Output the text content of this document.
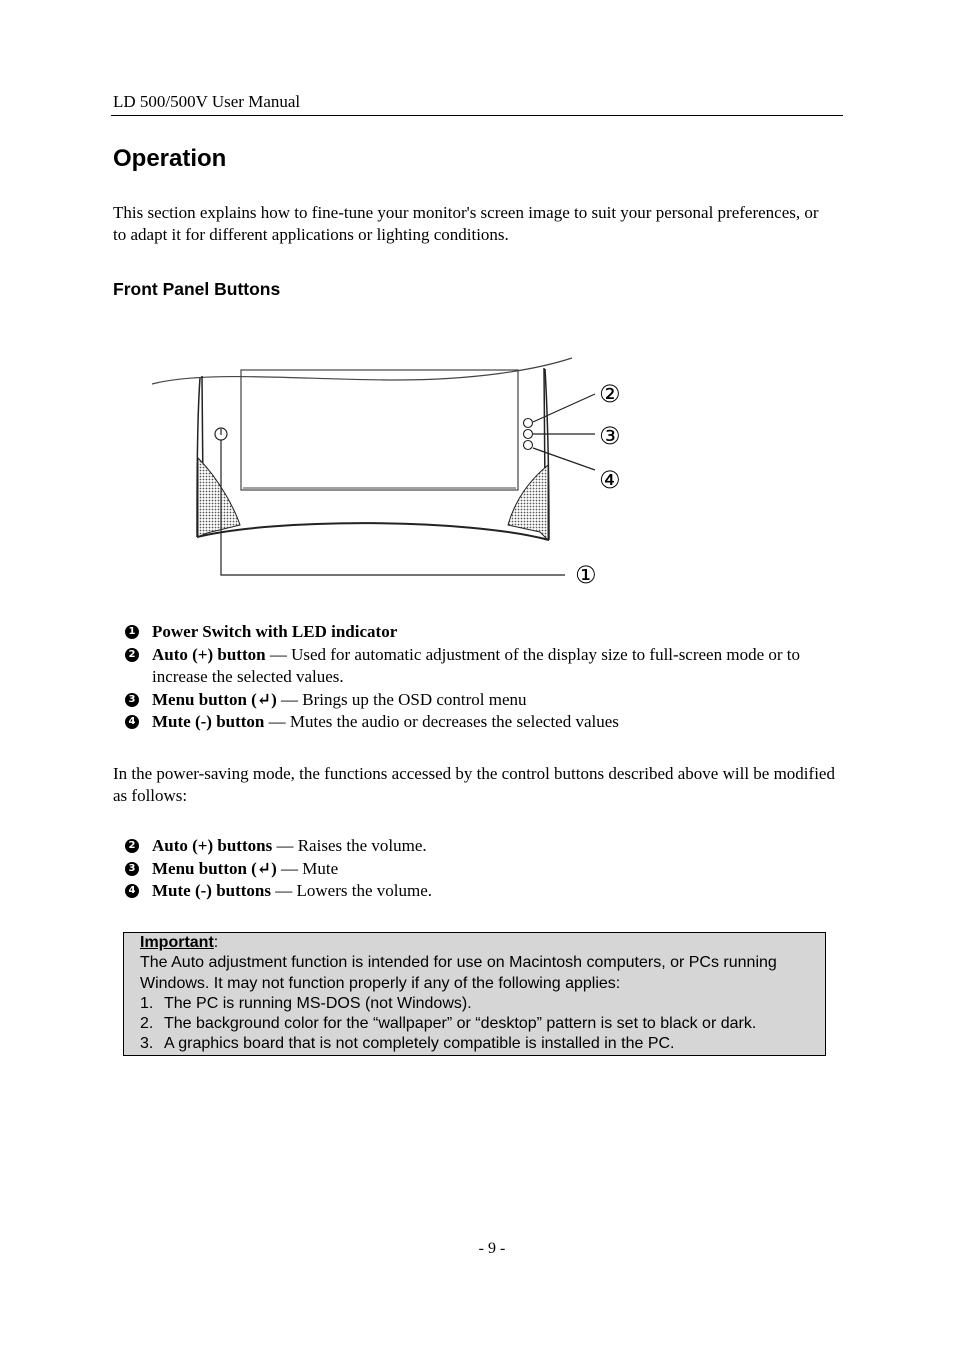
LD 500/500V User Manual
Operation

This section explains how to fine-tune your monitor's screen image to suit your personal preferences, or to adapt it for different applications or lighting conditions.

Front Panel Buttons
②
③
④
①
1 Power Switch with LED indicator
2 Auto (+) button — Used for automatic adjustment of the display size to full-screen mode or to increase the selected values.
3 Menu button (↵) — Brings up the OSD control menu
4 Mute (-) button — Mutes the audio or decreases the selected values

In the power-saving mode, the functions accessed by the control buttons described above will be modified as follows:

2 Auto (+) buttons — Raises the volume.
3 Menu button (↵) — Mute
4 Mute (-) buttons — Lowers the volume.
Important:
The Auto adjustment function is intended for use on Macintosh computers, or PCs running Windows. It may not function properly if any of the following applies:
1. The PC is running MS-DOS (not Windows).
2. The background color for the “wallpaper” or “desktop” pattern is set to black or dark.
3. A graphics board that is not completely compatible is installed in the PC.
- 9 -
